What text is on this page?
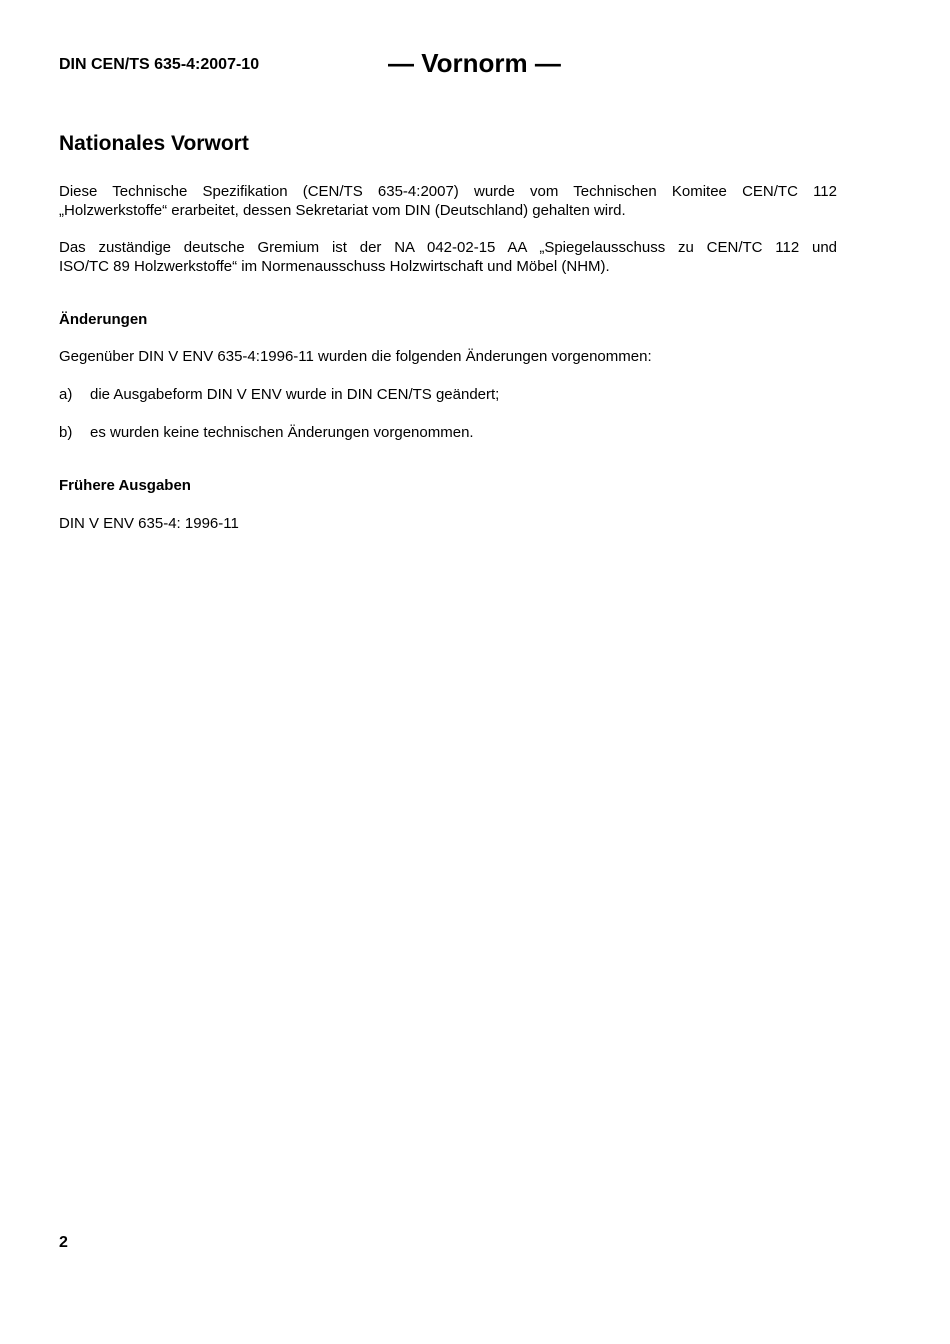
DIN CEN/TS 635-4:2007-10	— Vornorm —
Nationales Vorwort
Diese Technische Spezifikation (CEN/TS 635-4:2007) wurde vom Technischen Komitee CEN/TC 112
„Holzwerkstoffe“ erarbeitet, dessen Sekretariat vom DIN (Deutschland) gehalten wird.
Das zuständige deutsche Gremium ist der NA 042-02-15 AA „Spiegelausschuss zu CEN/TC 112 und
ISO/TC 89 Holzwerkstoffe“ im Normenausschuss Holzwirtschaft und Möbel (NHM).
Änderungen

Gegenüber DIN V ENV 635-4:1996-11 wurden die folgenden Änderungen vorgenommen:

a) die Ausgabeform DIN V ENV wurde in DIN CEN/TS geändert;
b) es wurden keine technischen Änderungen vorgenommen.
Frühere Ausgaben

DIN V ENV 635-4: 1996-11

2
